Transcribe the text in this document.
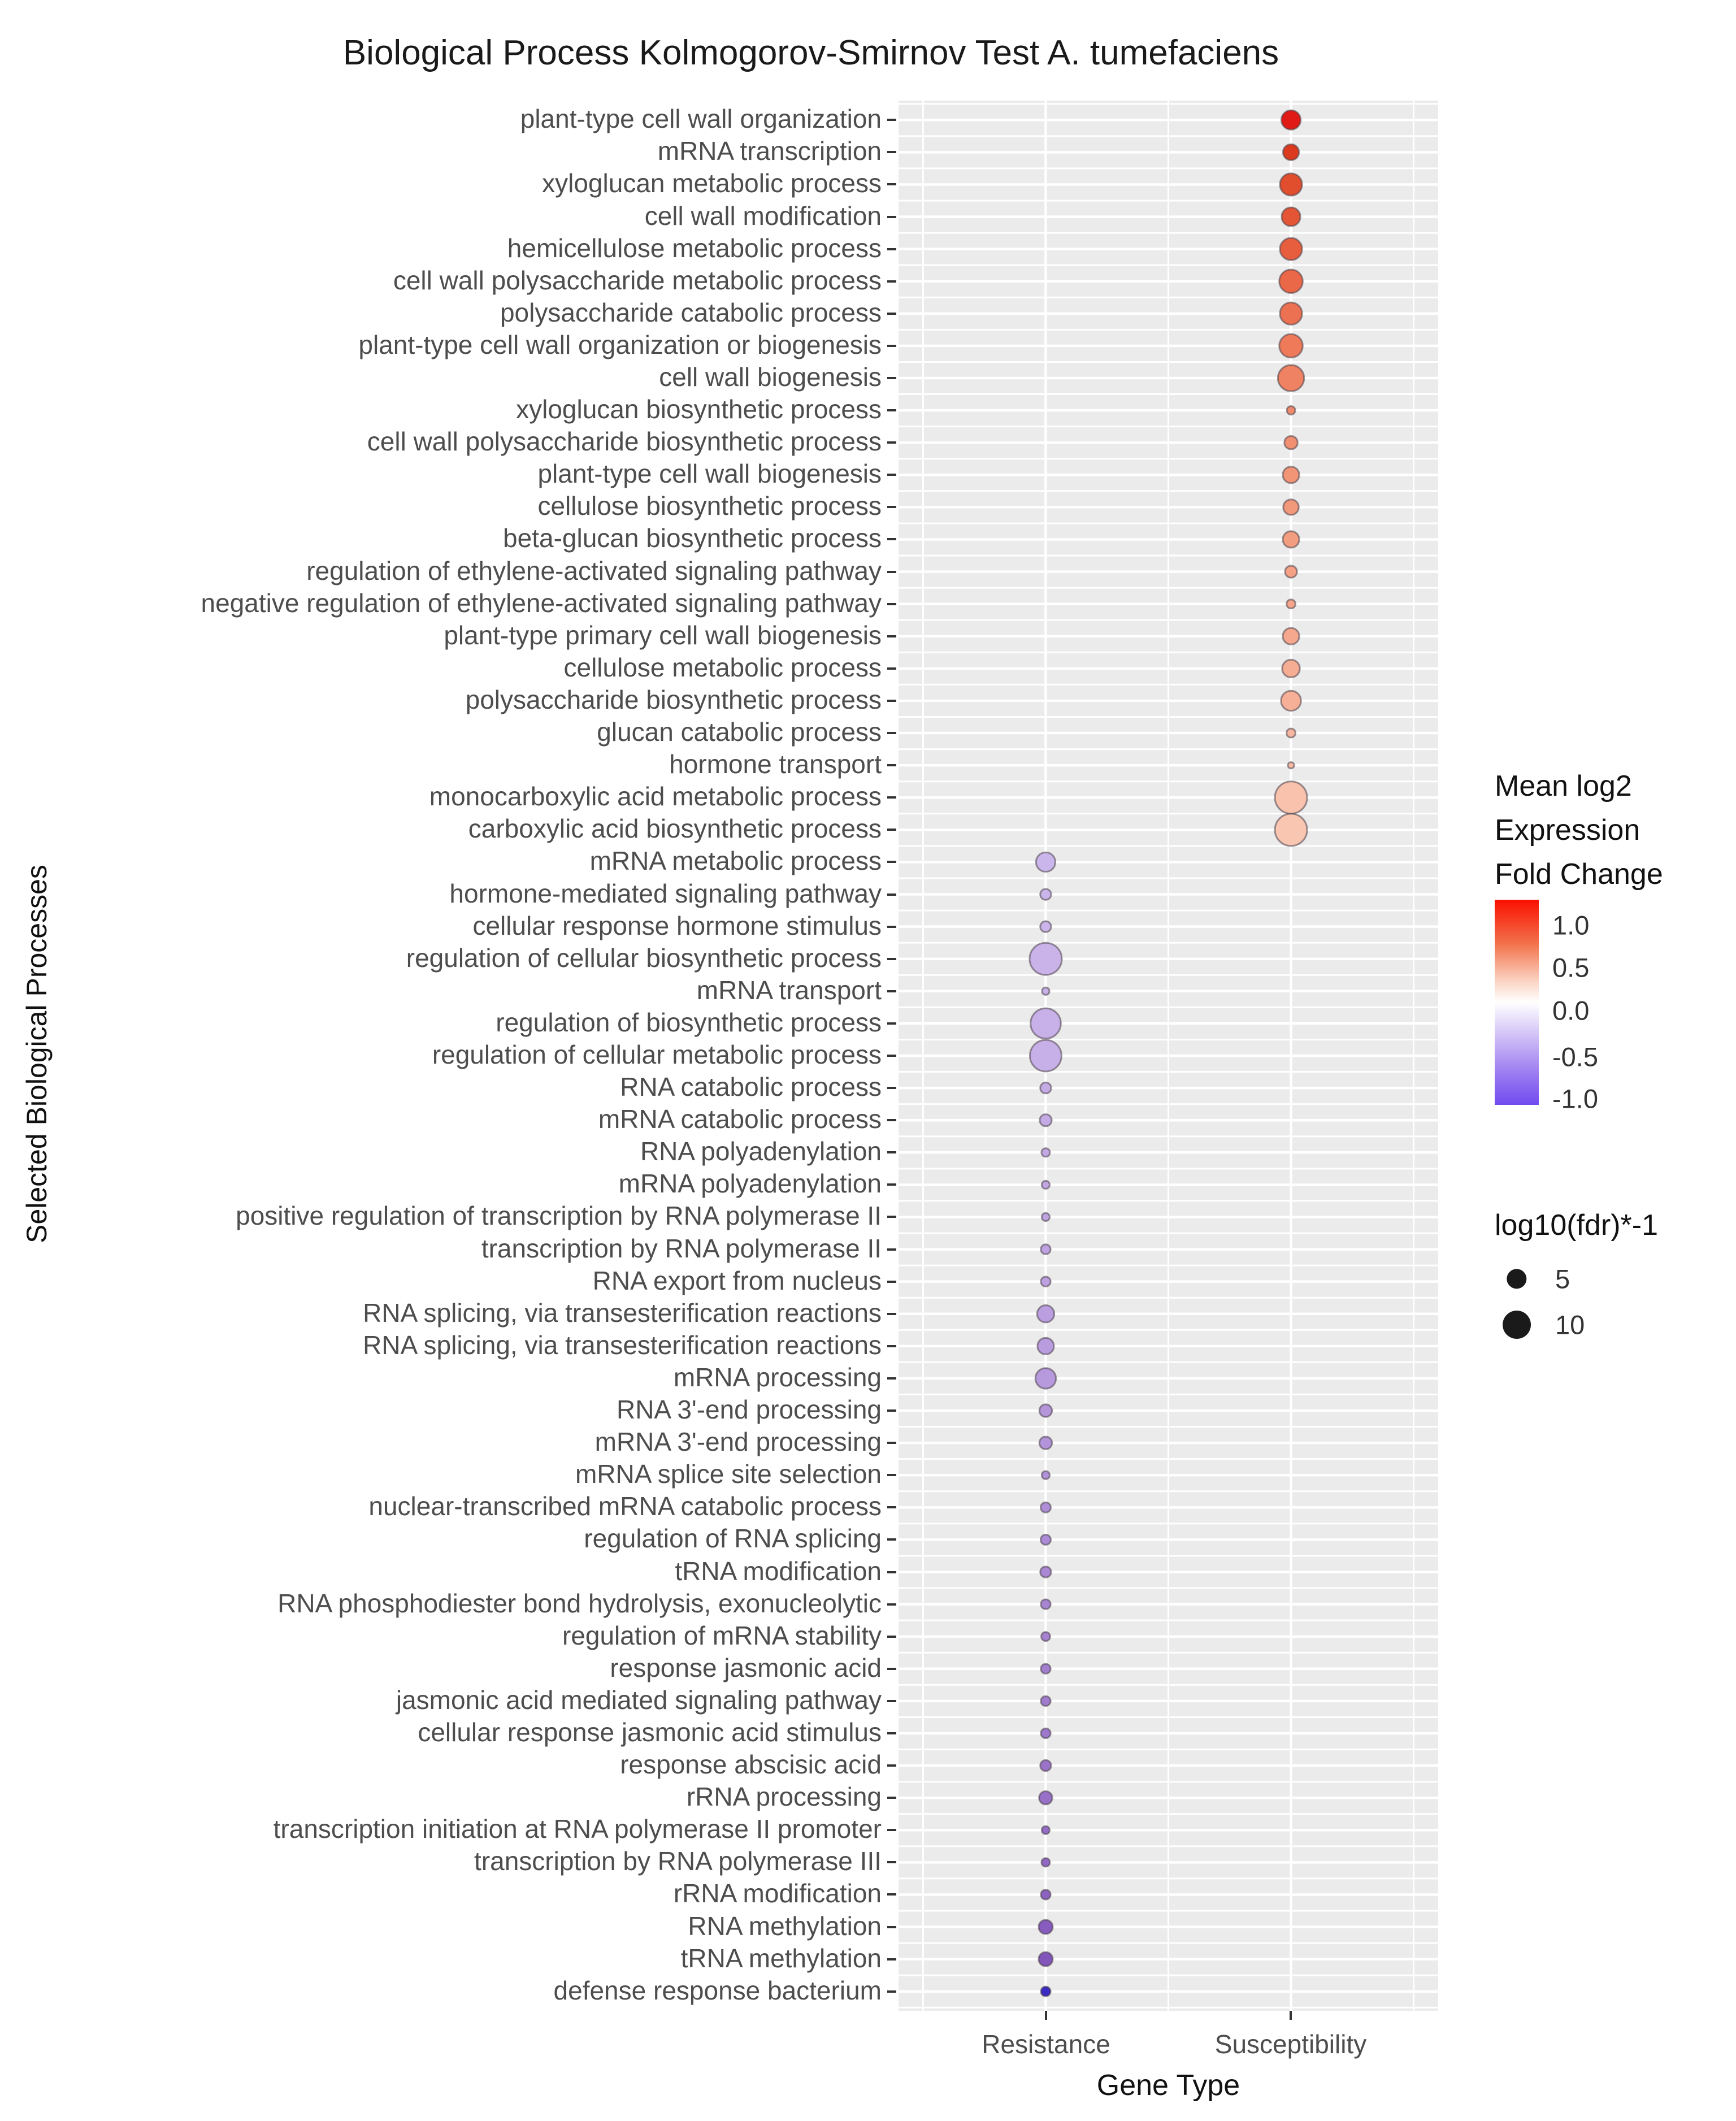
Biological Process Kolmogorov-Smirnov Test A. tumefaciens
Selected Biological Processes
plant-type cell wall organization
mRNA transcription
xyloglucan metabolic process
cell wall modification
hemicellulose metabolic process
cell wall polysaccharide metabolic process
polysaccharide catabolic process
plant-type cell wall organization or biogenesis
cell wall biogenesis
xyloglucan biosynthetic process
cell wall polysaccharide biosynthetic process
plant-type cell wall biogenesis
cellulose biosynthetic process
beta-glucan biosynthetic process
regulation of ethylene-activated signaling pathway
negative regulation of ethylene-activated signaling pathway
plant-type primary cell wall biogenesis
cellulose metabolic process
polysaccharide biosynthetic process
glucan catabolic process
hormone transport
monocarboxylic acid metabolic process
carboxylic acid biosynthetic process
mRNA metabolic process
hormone-mediated signaling pathway
cellular response hormone stimulus
regulation of cellular biosynthetic process
mRNA transport
regulation of biosynthetic process
regulation of cellular metabolic process
RNA catabolic process
mRNA catabolic process
RNA polyadenylation
mRNA polyadenylation
positive regulation of transcription by RNA polymerase II
transcription by RNA polymerase II
RNA export from nucleus
RNA splicing, via transesterification reactions
RNA splicing, via transesterification reactions
mRNA processing
RNA 3'-end processing
mRNA 3'-end processing
mRNA splice site selection
nuclear-transcribed mRNA catabolic process
regulation of RNA splicing
tRNA modification
RNA phosphodiester bond hydrolysis, exonucleolytic
regulation of mRNA stability
response jasmonic acid
jasmonic acid mediated signaling pathway
cellular response jasmonic acid stimulus
response abscisic acid
rRNA processing
transcription initiation at RNA polymerase II promoter
transcription by RNA polymerase III
rRNA modification
RNA methylation
tRNA methylation
defense response bacterium
Resistance	Susceptibility
Gene Type
Mean log2
Expression
Fold Change
1.0
0.5
0.0
-0.5
-1.0
log10(fdr)*-1
5
10
